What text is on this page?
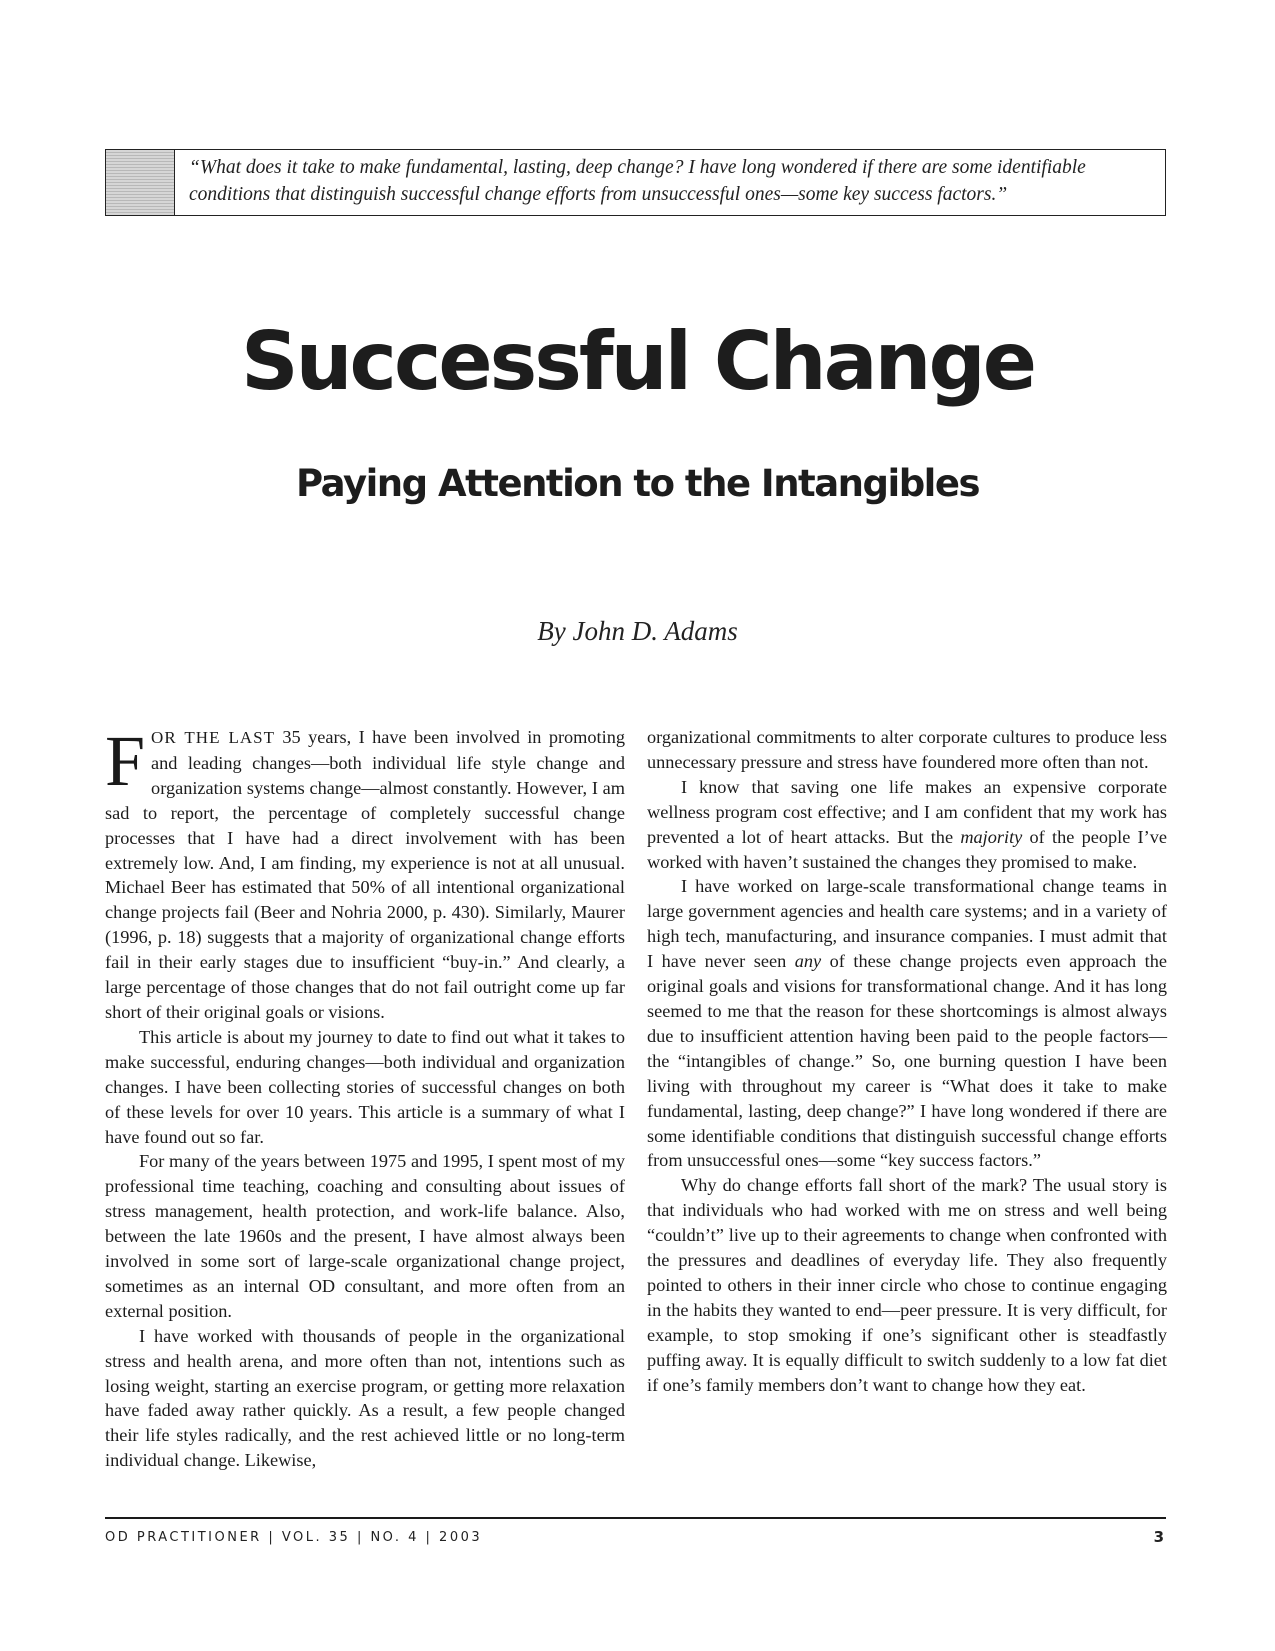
“What does it take to make fundamental, lasting, deep change? I have long wondered if there are some identifiable conditions that distinguish successful change efforts from unsuccessful ones—some key success factors.”
Successful Change
Paying Attention to the Intangibles
By John D. Adams

FOR THE LAST 35 years, I have been involved in promoting and leading changes—both individual life style change and organization systems change—almost constantly. However, I am sad to report, the percentage of completely successful change processes that I have had a direct involvement with has been extremely low. And, I am finding, my experience is not at all unusual. Michael Beer has estimated that 50% of all intentional organizational change projects fail (Beer and Nohria 2000, p. 430). Similarly, Maurer (1996, p. 18) suggests that a majority of organizational change efforts fail in their early stages due to insufficient “buy-in.” And clearly, a large percentage of those changes that do not fail outright come up far short of their original goals or visions.

This article is about my journey to date to find out what it takes to make successful, enduring changes—both individual and organization changes. I have been collecting stories of successful changes on both of these levels for over 10 years. This article is a summary of what I have found out so far.

For many of the years between 1975 and 1995, I spent most of my professional time teaching, coaching and consulting about issues of stress management, health protection, and work-life balance. Also, between the late 1960s and the present, I have almost always been involved in some sort of large-scale organizational change project, sometimes as an internal OD consultant, and more often from an external position.

I have worked with thousands of people in the organizational stress and health arena, and more often than not, intentions such as losing weight, starting an exercise program, or getting more relaxation have faded away rather quickly. As a result, a few people changed their life styles radically, and the rest achieved little or no long-term individual change. Likewise,

organizational commitments to alter corporate cultures to produce less unnecessary pressure and stress have foundered more often than not.

I know that saving one life makes an expensive corporate wellness program cost effective; and I am confident that my work has prevented a lot of heart attacks. But the majority of the people I’ve worked with haven’t sustained the changes they promised to make.

I have worked on large-scale transformational change teams in large government agencies and health care systems; and in a variety of high tech, manufacturing, and insurance companies. I must admit that I have never seen any of these change projects even approach the original goals and visions for transformational change. And it has long seemed to me that the reason for these shortcomings is almost always due to insufficient attention having been paid to the people factors—the “intangibles of change.” So, one burning question I have been living with throughout my career is “What does it take to make fundamental, lasting, deep change?” I have long wondered if there are some identifiable conditions that distinguish successful change efforts from unsuccessful ones—some “key success factors.”

Why do change efforts fall short of the mark? The usual story is that individuals who had worked with me on stress and well being “couldn’t” live up to their agreements to change when confronted with the pressures and deadlines of everyday life. They also frequently pointed to others in their inner circle who chose to continue engaging in the habits they wanted to end—peer pressure. It is very difficult, for example, to stop smoking if one’s significant other is steadfastly puffing away. It is equally difficult to switch suddenly to a low fat diet if one’s family members don’t want to change how they eat.

OD PRACTITIONER | VOL. 35 | NO. 4 | 2003	3
